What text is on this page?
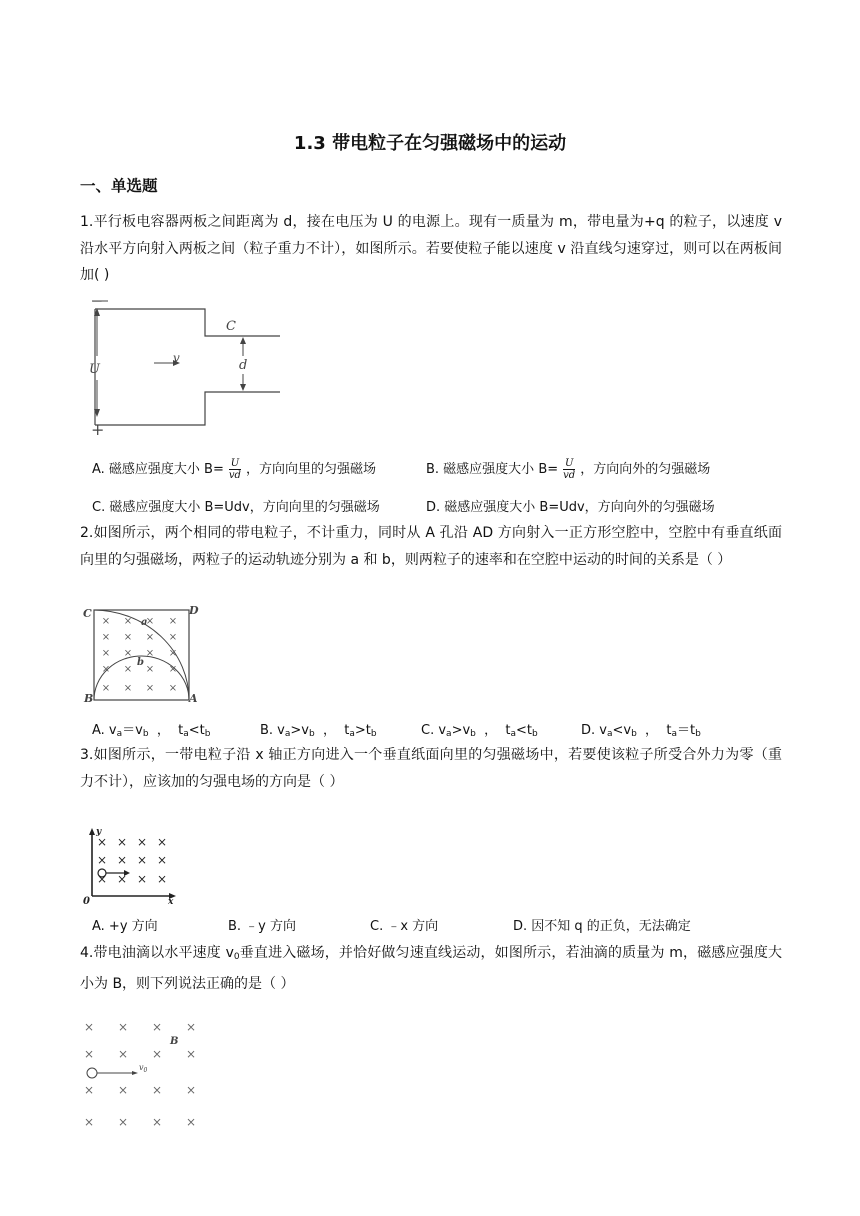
1.3 带电粒子在匀强磁场中的运动
一、单选题
1.平行板电容器两板之间距离为 d，接在电压为 U 的电源上。现有一质量为 m，带电量为+q 的粒子，以速度 v 沿水平方向射入两板之间（粒子重力不计），如图所示。若要使粒子能以速度 v 沿直线匀速穿过，则可以在两板间加( )
—
+
C
U
v	d
A. 磁感应强度大小 $B= \frac{U}{vd}$ ，方向向里的匀强磁场	B. 磁感应强度大小 $B= \frac{U}{vd}$ ，方向向外的匀强磁场
C. 磁感应强度大小 B=Udv，方向向里的匀强磁场	D. 磁感应强度大小 B=Udv，方向向外的匀强磁场
2.如图所示，两个相同的带电粒子，不计重力，同时从 A 孔沿 AD 方向射入一正方形空腔中，空腔中有垂直纸面向里的匀强磁场，两粒子的运动轨迹分别为 a 和 b，则两粒子的速率和在空腔中运动的时间的关系是（ ）
C	D
B	A
a
b
× × × ×
× × × ×
× × × ×
× × × ×
× × × ×
A. $v_a=v_b$  ，  $t_a<t_b$	B. $v_a>v_b$  ，  $t_a>t_b$	C. $v_a>v_b$  ，  $t_a<t_b$	D. $v_a<v_b$  ，  $t_a=t_b$
3.如图所示，一带电粒子沿 x 轴正方向进入一个垂直纸面向里的匀强磁场中，若要使该粒子所受合外力为零（重力不计），应该加的匀强电场的方向是（ ）
y
x
0
× × × ×
× × × ×
× × × ×
A. +y 方向	B. ﹣y 方向	C. ﹣x 方向	D. 因不知 q 的正负，无法确定
4.带电油滴以水平速度 $v_0$垂直进入磁场，并恰好做匀速直线运动，如图所示，若油滴的质量为 m，磁感应强度大小为 B，则下列说法正确的是（ ）
B
$v_0$
× × × ×
× × × ×
× × × ×
× × × ×
